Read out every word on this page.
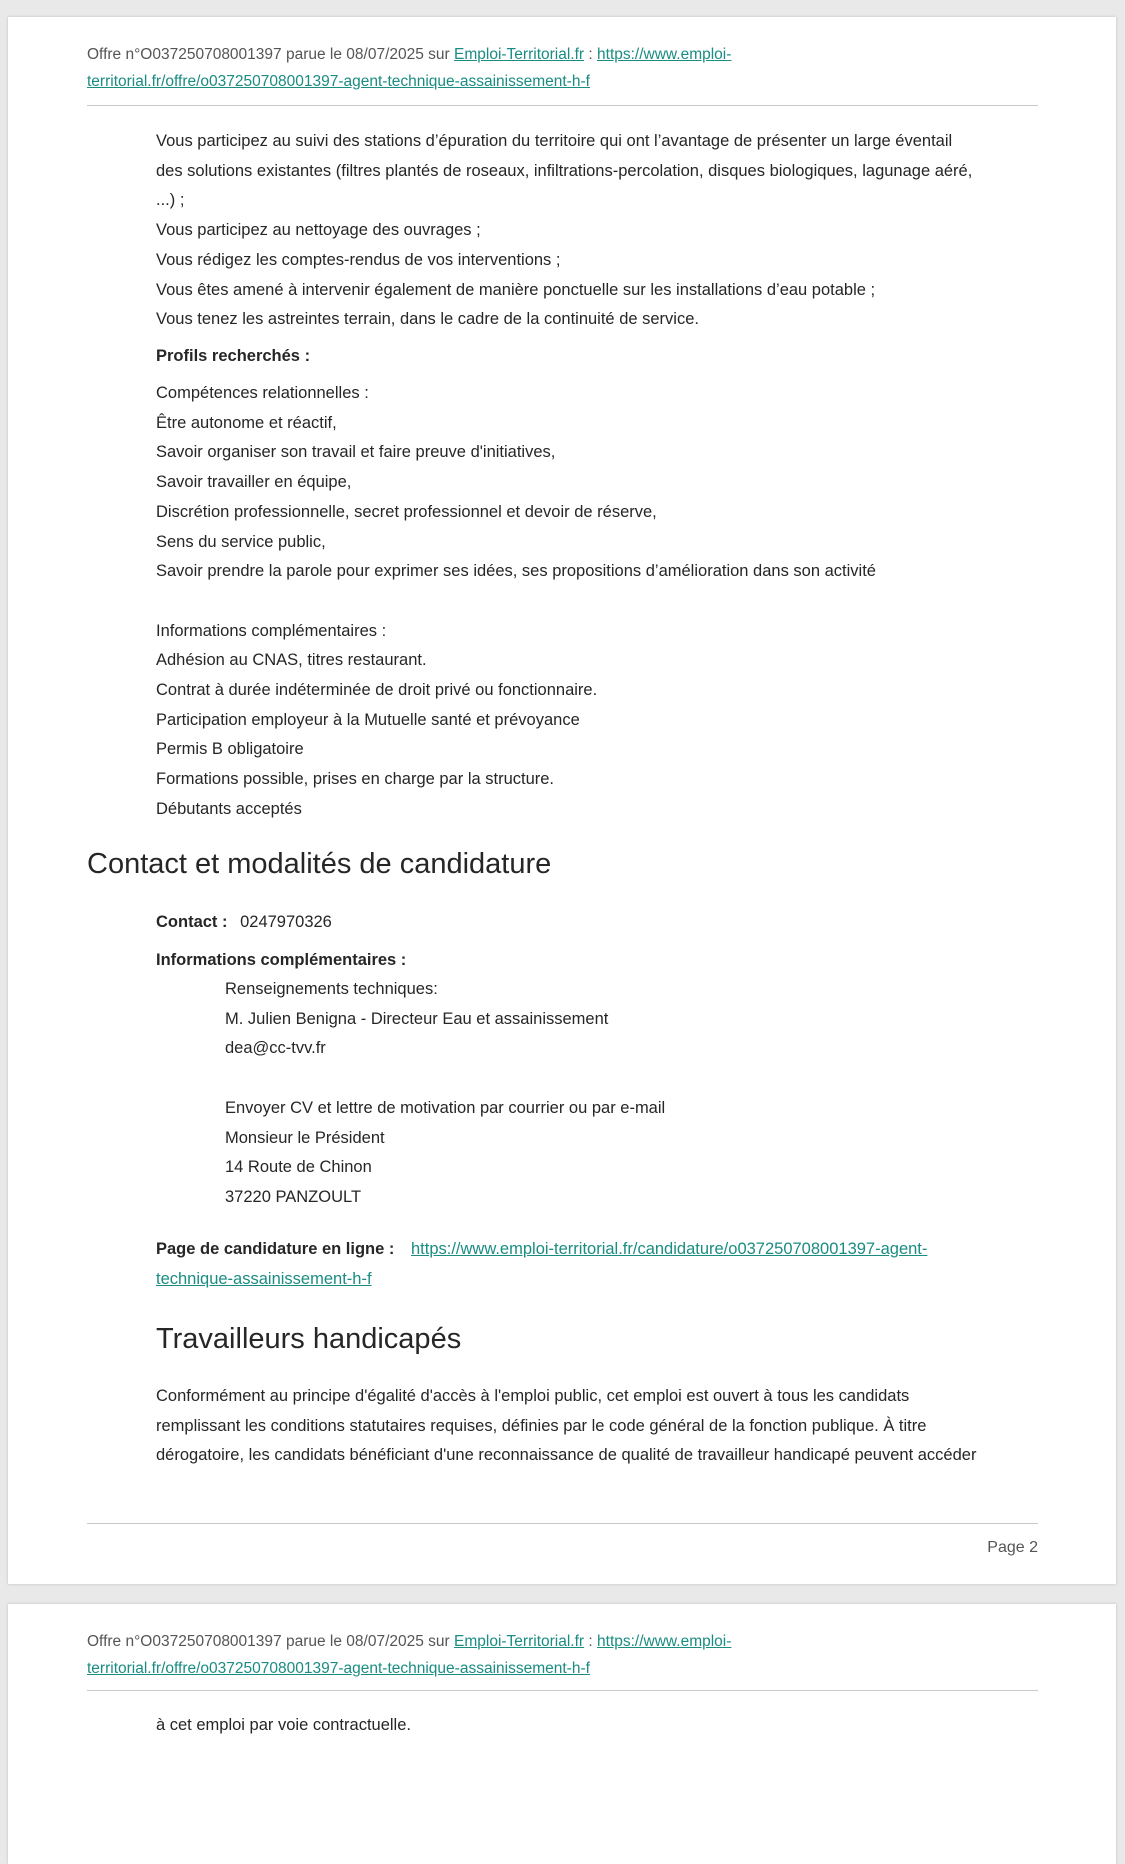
Offre n°O037250708001397 parue le 08/07/2025 sur Emploi-Territorial.fr : https://www.emploi-
territorial.fr/offre/o037250708001397-agent-technique-assainissement-h-f

Vous participez au suivi des stations d’épuration du territoire qui ont l’avantage de présenter un large éventail

des solutions existantes (filtres plantés de roseaux, infiltrations-percolation, disques biologiques, lagunage aéré,

...) ;

Vous participez au nettoyage des ouvrages ;

Vous rédigez les comptes-rendus de vos interventions ;

Vous êtes amené à intervenir également de manière ponctuelle sur les installations d’eau potable ;

Vous tenez les astreintes terrain, dans le cadre de la continuité de service.

Profils recherchés :

Compétences relationnelles :

Être autonome et réactif,

Savoir organiser son travail et faire preuve d'initiatives,

Savoir travailler en équipe,

Discrétion professionnelle, secret professionnel et devoir de réserve,

Sens du service public,

Savoir prendre la parole pour exprimer ses idées, ses propositions d’amélioration dans son activité

Informations complémentaires :

Adhésion au CNAS, titres restaurant.

Contrat à durée indéterminée de droit privé ou fonctionnaire.

Participation employeur à la Mutuelle santé et prévoyance

Permis B obligatoire

Formations possible, prises en charge par la structure.

Débutants acceptés

Contact et modalités de candidature
Contact : 0247970326
Informations complémentaires :

Renseignements techniques:

M. Julien Benigna - Directeur Eau et assainissement

dea@cc-tvv.fr

Envoyer CV et lettre de motivation par courrier ou par e-mail

Monsieur le Président

14 Route de Chinon

37220 PANZOULT

Page de candidature en ligne : https://www.emploi-territorial.fr/candidature/o037250708001397-agent-
technique-assainissement-h-f
Travailleurs handicapés

Conformément au principe d'égalité d'accès à l'emploi public, cet emploi est ouvert à tous les candidats

remplissant les conditions statutaires requises, définies par le code général de la fonction publique. À titre

dérogatoire, les candidats bénéficiant d'une reconnaissance de qualité de travailleur handicapé peuvent accéder

Page 2
Offre n°O037250708001397 parue le 08/07/2025 sur Emploi-Territorial.fr : https://www.emploi-
territorial.fr/offre/o037250708001397-agent-technique-assainissement-h-f
à cet emploi par voie contractuelle.
